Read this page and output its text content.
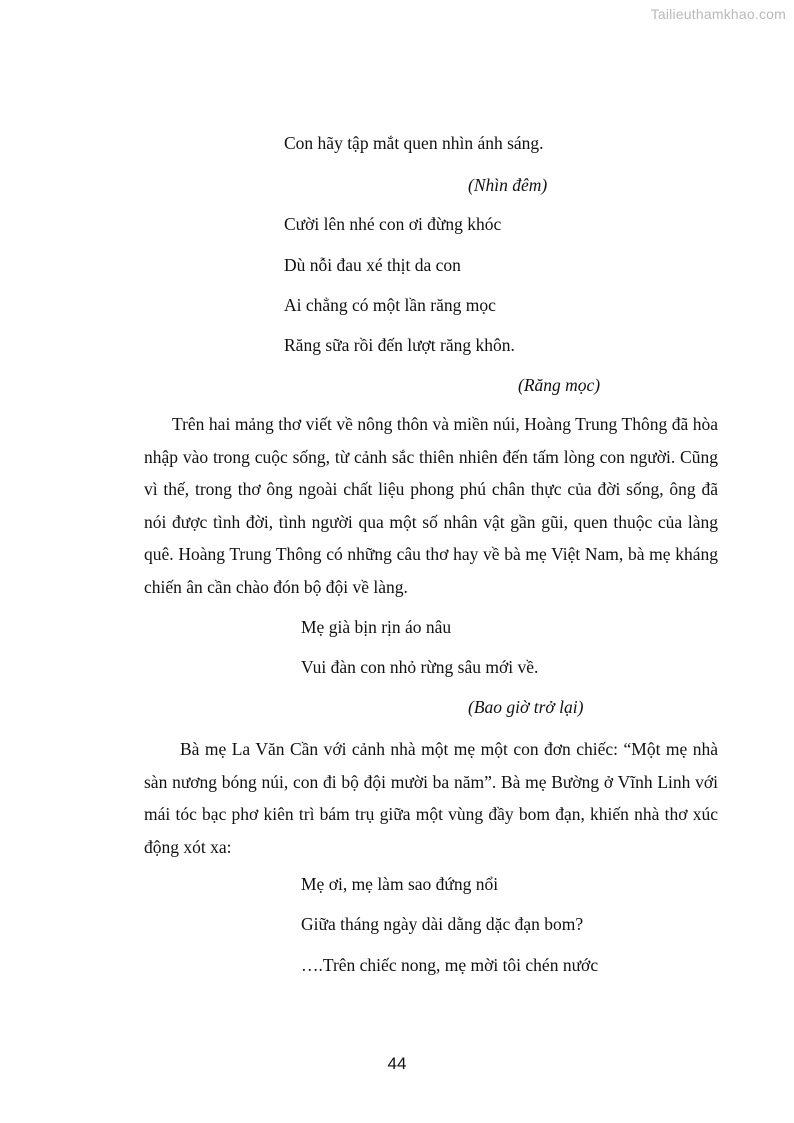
Tailieuthamkhao.com
Con hãy tập mắt quen nhìn ánh sáng.
(Nhìn đêm)
Cười lên nhé con ơi đừng khóc
Dù nỗi đau xé thịt da con
Ai chẳng có một lần răng mọc
Răng sữa rồi đến lượt răng khôn.
(Răng mọc)

Trên hai mảng thơ viết về nông thôn và miền núi, Hoàng Trung Thông đã hòa nhập vào trong cuộc sống, từ cảnh sắc thiên nhiên đến tấm lòng con người. Cũng vì thế, trong thơ ông ngoài chất liệu phong phú chân thực của đời sống, ông đã nói được tình đời, tình người qua một số nhân vật gần gũi, quen thuộc của làng quê. Hoàng Trung Thông có những câu thơ hay về bà mẹ Việt Nam, bà mẹ kháng chiến ân cần chào đón bộ đội về làng.

Mẹ già bịn rịn áo nâu
Vui đàn con nhỏ rừng sâu mới về.
(Bao giờ trở lại)

Bà mẹ La Văn Cần với cảnh nhà một mẹ một con đơn chiếc: “Một mẹ nhà sàn nương bóng núi, con đi bộ đội mười ba năm”. Bà mẹ Bường ở Vĩnh Linh với mái tóc bạc phơ kiên trì bám trụ giữa một vùng đầy bom đạn, khiến nhà thơ xúc động xót xa:

Mẹ ơi, mẹ làm sao đứng nổi
Giữa tháng ngày dài dằng dặc đạn bom?
….Trên chiếc nong, mẹ mời tôi chén nước
44
